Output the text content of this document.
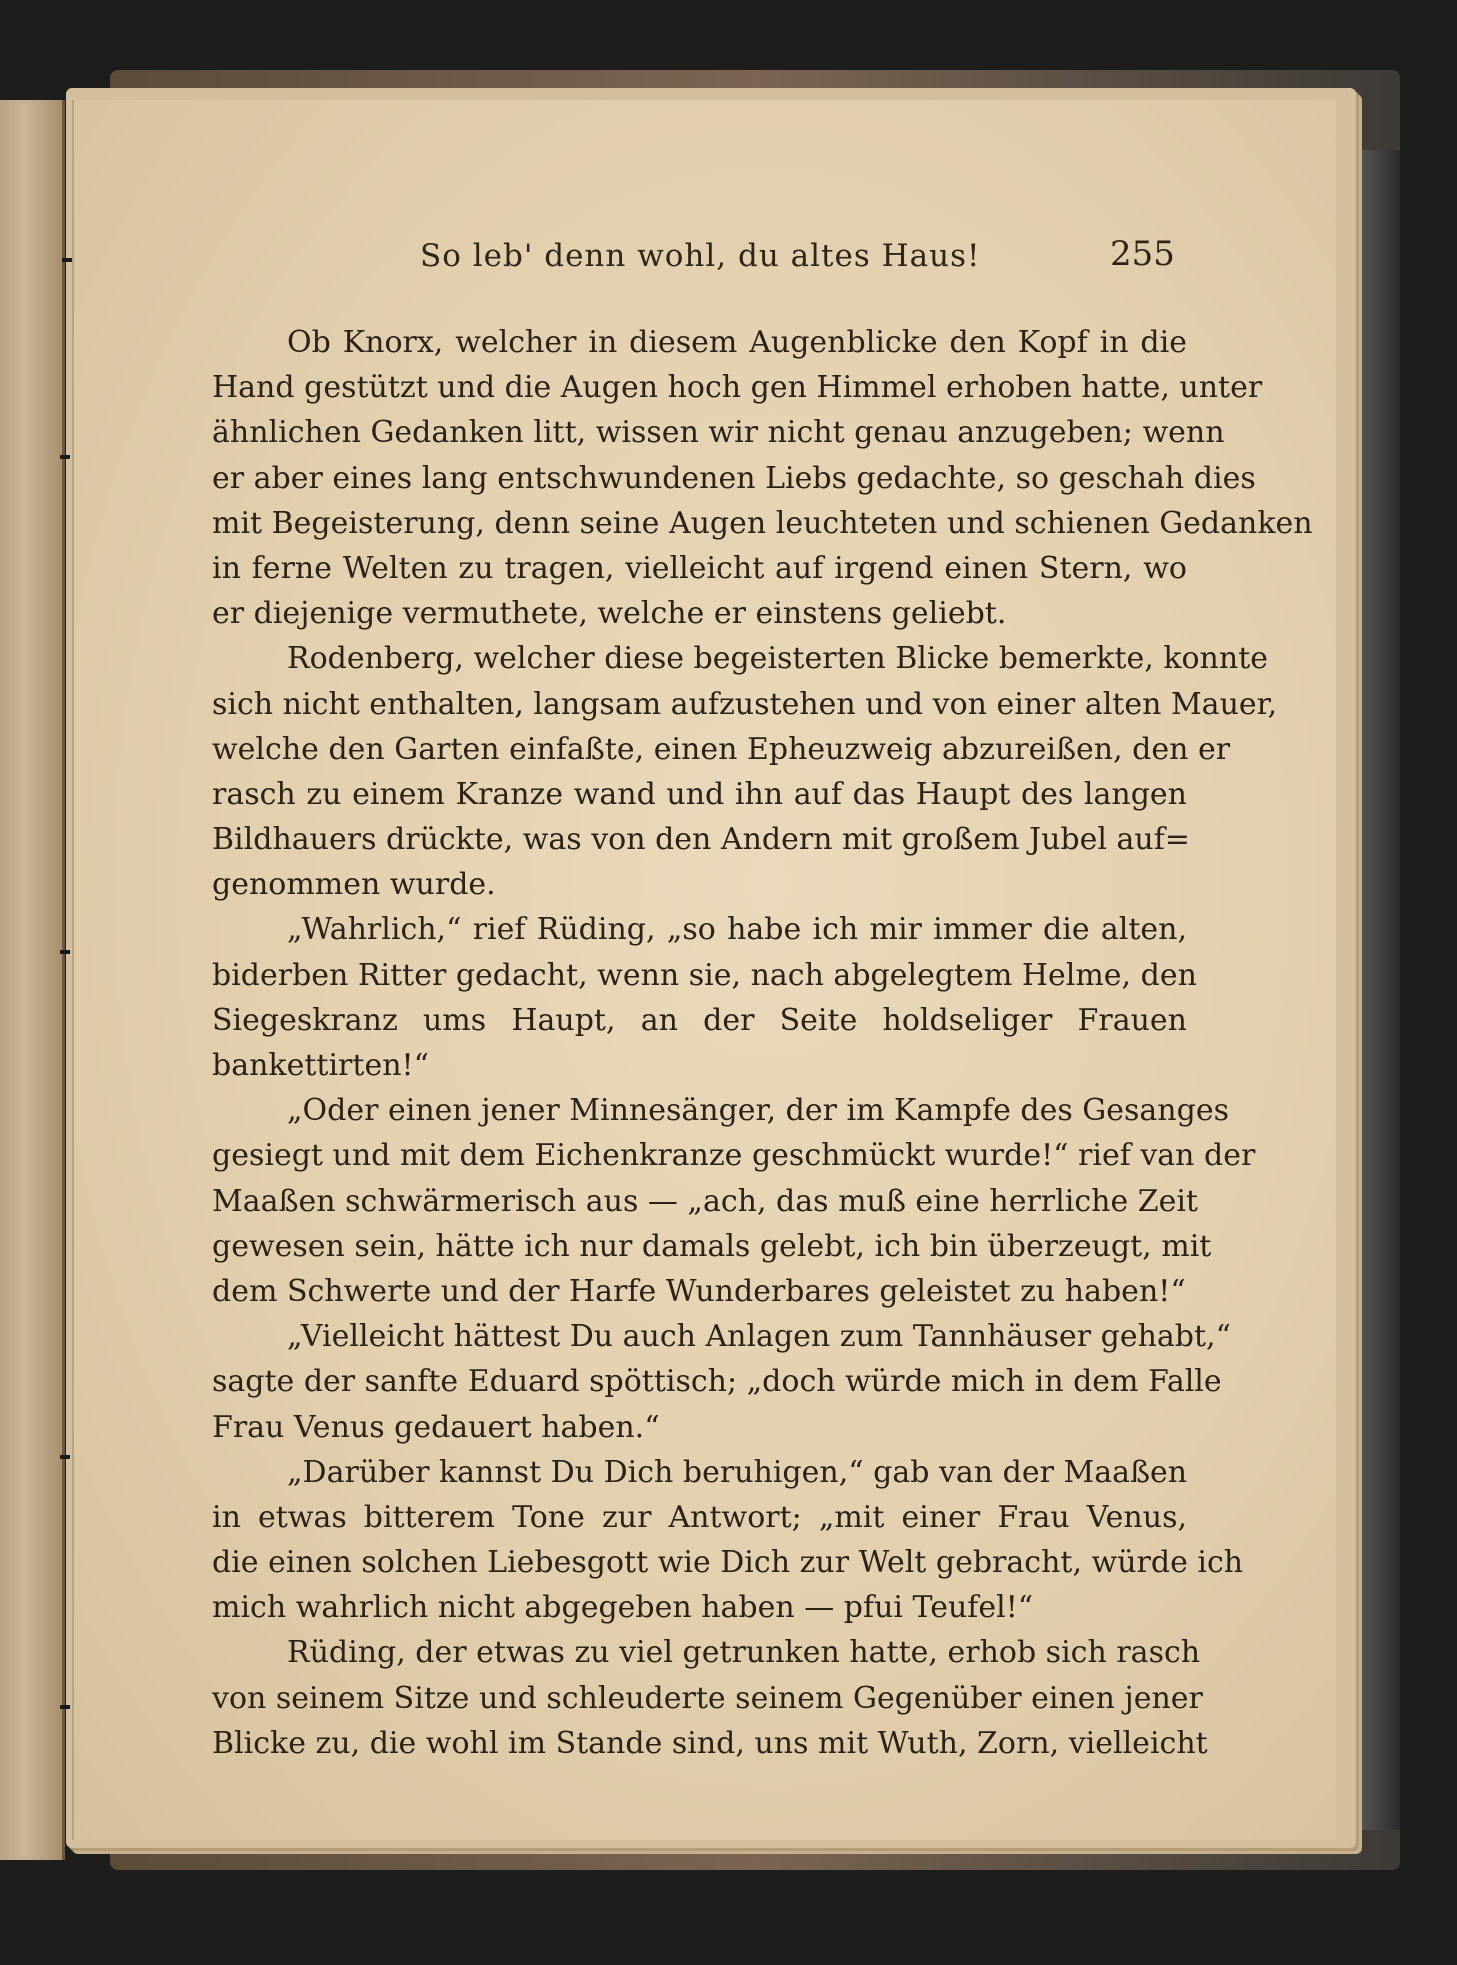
So leb' denn wohl, du altes Haus!	255
Ob Knorx, welcher in diesem Augenblicke den Kopf in die
Hand gestützt und die Augen hoch gen Himmel erhoben hatte, unter
ähnlichen Gedanken litt, wissen wir nicht genau anzugeben; wenn
er aber eines lang entschwundenen Liebs gedachte, so geschah dies
mit Begeisterung, denn seine Augen leuchteten und schienen Gedanken
in ferne Welten zu tragen, vielleicht auf irgend einen Stern, wo
er diejenige vermuthete, welche er einstens geliebt.
Rodenberg, welcher diese begeisterten Blicke bemerkte, konnte
sich nicht enthalten, langsam aufzustehen und von einer alten Mauer,
welche den Garten einfaßte, einen Epheuzweig abzureißen, den er
rasch zu einem Kranze wand und ihn auf das Haupt des langen
Bildhauers drückte, was von den Andern mit großem Jubel auf=
genommen wurde.
„Wahrlich,“ rief Rüding, „so habe ich mir immer die alten,
biderben Ritter gedacht, wenn sie, nach abgelegtem Helme, den
Siegeskranz ums Haupt, an der Seite holdseliger Frauen
bankettirten!“
„Oder einen jener Minnesänger, der im Kampfe des Gesanges
gesiegt und mit dem Eichenkranze geschmückt wurde!“ rief van der
Maaßen schwärmerisch aus — „ach, das muß eine herrliche Zeit
gewesen sein, hätte ich nur damals gelebt, ich bin überzeugt, mit
dem Schwerte und der Harfe Wunderbares geleistet zu haben!“
„Vielleicht hättest Du auch Anlagen zum Tannhäuser gehabt,“
sagte der sanfte Eduard spöttisch; „doch würde mich in dem Falle
Frau Venus gedauert haben.“
„Darüber kannst Du Dich beruhigen,“ gab van der Maaßen
in etwas bitterem Tone zur Antwort; „mit einer Frau Venus,
die einen solchen Liebesgott wie Dich zur Welt gebracht, würde ich
mich wahrlich nicht abgegeben haben — pfui Teufel!“
Rüding, der etwas zu viel getrunken hatte, erhob sich rasch
von seinem Sitze und schleuderte seinem Gegenüber einen jener
Blicke zu, die wohl im Stande sind, uns mit Wuth, Zorn, vielleicht
